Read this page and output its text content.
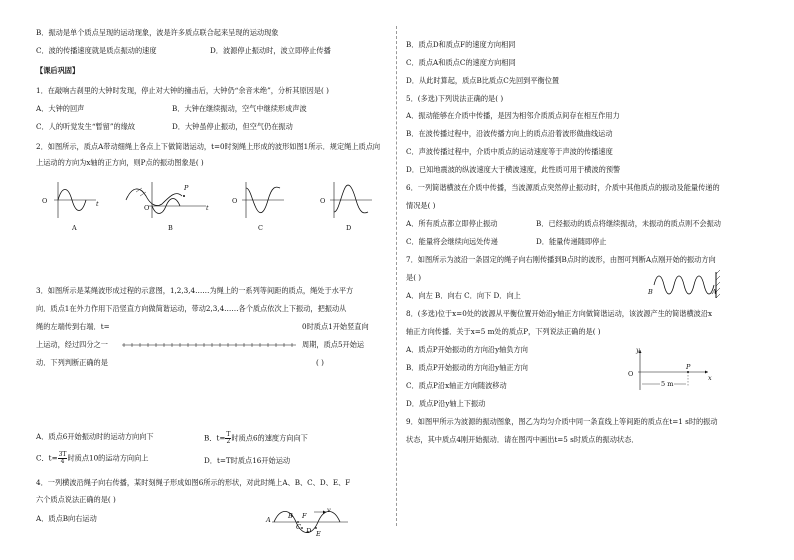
B．振动是单个质点呈现的运动现象，波是许多质点联合起来呈现的运动现象
C．波的传播速度就是质点振动的速度	D．波源停止振动时，波立即停止传播
【课后巩固】
1．在敲响古刹里的大钟时发现，停止对大钟的撞击后，大钟仍“余音未绝”，分析其原因是( )
A．大钟的回声	B．大钟在继续振动，空气中继续形成声波
C．人的听觉发生“暂留”的缘故	D．大钟虽停止振动，但空气仍在振动
2．如图所示，质点A带动细绳上各点上下做简谐运动，t=0时刻绳上形成的波形如图1所示．规定绳上质点向
上运动的方向为x轴的正方向，则P点的振动图象是( )
O	t
A
P
O	t
B
O
C
O
D
3．如图所示是某绳波形成过程的示意图，1,2,3,4……为绳上的一系列等间距的质点，绳处于水平方
向．质点1在外力作用下沿竖直方向做简谐运动，带动2,3,4……各个质点依次上下振动，把振动从
绳的左端传到右端．t=	0时质点1开始竖直向
上运动，经过四分之一	周期，质点5开始运
动．下列判断正确的是	( )
A．质点6开始振动时的运动方向向下	B．$t= \frac{T}{2}$ 时质点6的速度方向向下
C．$t= \frac{3T}{4}$ 时质点10的运动方向向上	D．t=T时质点16开始运动
4．一列横波沿绳子向右传播，某时刻绳子形成如图6所示的形状，对此时绳上A、B、C、D、E、F
六个质点说法正确的是( )
A．质点B向右运动	A	B
C D E
F
v
B．质点D和质点F的速度方向相同
C．质点A和质点C的速度方向相同
D．从此时算起，质点B比质点C先回到平衡位置
5．(多选)下列说法正确的是( )
A．振动能够在介质中传播，是因为相邻介质质点间存在相互作用力
B．在波传播过程中，沿波传播方向上的质点沿着波形做曲线运动
C．声波传播过程中，介质中质点的运动速度等于声波的传播速度
D．已知地震波的纵波速度大于横波速度，此性质可用于横波的预警
6．一列简谐横波在介质中传播，当波源质点突然停止振动时，介质中其他质点的振动及能量传递的
情况是( )
A．所有质点都立即停止振动	B．已经振动的质点将继续振动，未振动的质点则不会振动
C．能量将会继续向远处传递	D．能量传递随即停止
7．如图所示为波沿一条固定的绳子向右刚传播到B点时的波形，由图可判断A点刚开始的振动方向
是( )
A．向左 B．向右 C．向下 D．向上	B	A
8．(多选)位于x=0处的波源从平衡位置开始沿y轴正方向做简谐运动，该波源产生的简谐横波沿x
轴正方向传播．关于x=5 m处的质点P，下列说法正确的是( )
A．质点P开始振动的方向沿y轴负方向
B．质点P开始振动的方向沿y轴正方向
C．质点P沿x轴正方向随波移动
D．质点P沿y轴上下振动
y
O
P
x
5 m
9．如图甲所示为波源的振动图象，图乙为均匀介质中同一条直线上等间距的质点在t=1 s时的振动
状态，其中质点4刚开始振动．请在图丙中画出t=5 s时质点的振动状态．
